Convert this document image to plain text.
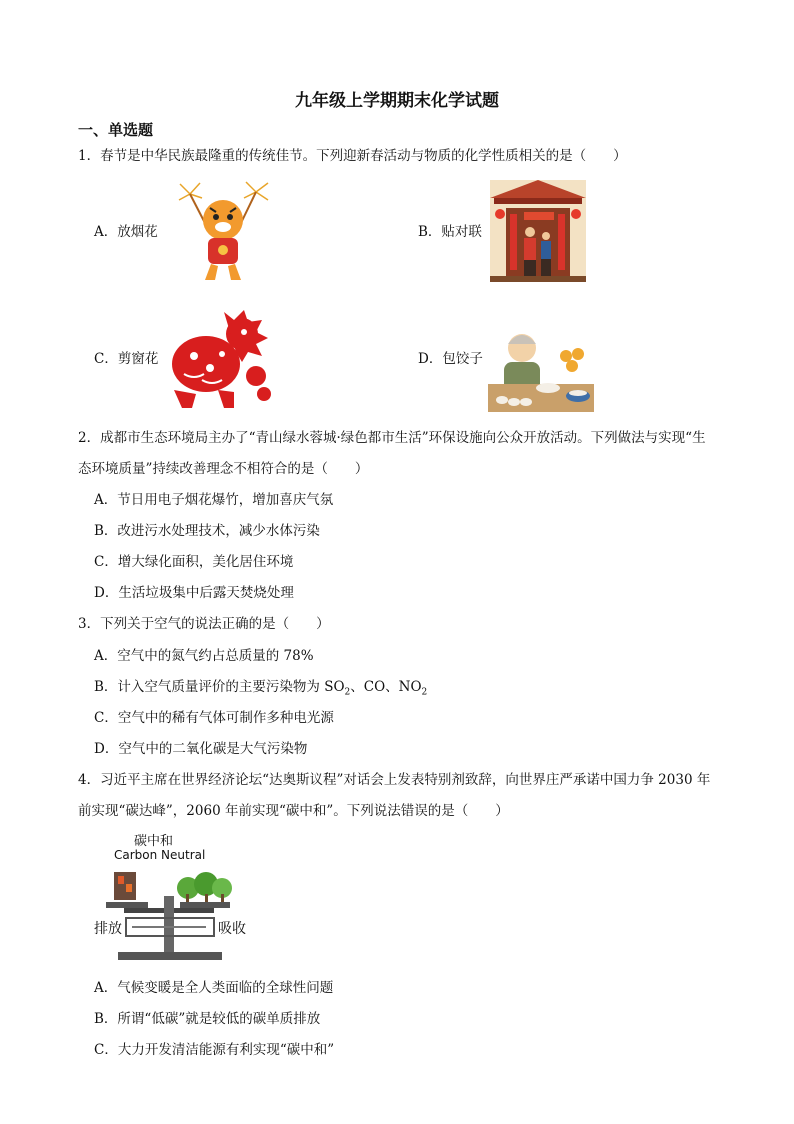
九年级上学期期末化学试题
一、单选题
1．春节是中华民族最隆重的传统佳节。下列迎新春活动与物质的化学性质相关的是（　　）
A．放烟花	B．贴对联
C．剪窗花	D．包饺子
2．成都市生态环境局主办了“青山绿水蓉城·绿色都市生活”环保设施向公众开放活动。下列做法与实现“生
态环境质量”持续改善理念不相符合的是（　　）
A．节日用电子烟花爆竹，增加喜庆气氛
B．改进污水处理技术，减少水体污染
C．增大绿化面积，美化居住环境
D．生活垃圾集中后露天焚烧处理
3．下列关于空气的说法正确的是（　　）
A．空气中的氮气约占总质量的 78%
B．计入空气质量评价的主要污染物为 $SO_2$、CO、$NO_2$
C．空气中的稀有气体可制作多种电光源
D．空气中的二氧化碳是大气污染物
4．习近平主席在世界经济论坛“达奥斯议程”对话会上发表特别剂致辞，向世界庄严承诺中国力争 2030 年
前实现“碳达峰”，2060 年前实现“碳中和”。下列说法错误的是（　　）
碳中和
Carbon Neutral
排放	吸收
A．气候变暖是全人类面临的全球性问题
B．所谓“低碳”就是较低的碳单质排放
C．大力开发清洁能源有利实现“碳中和”
